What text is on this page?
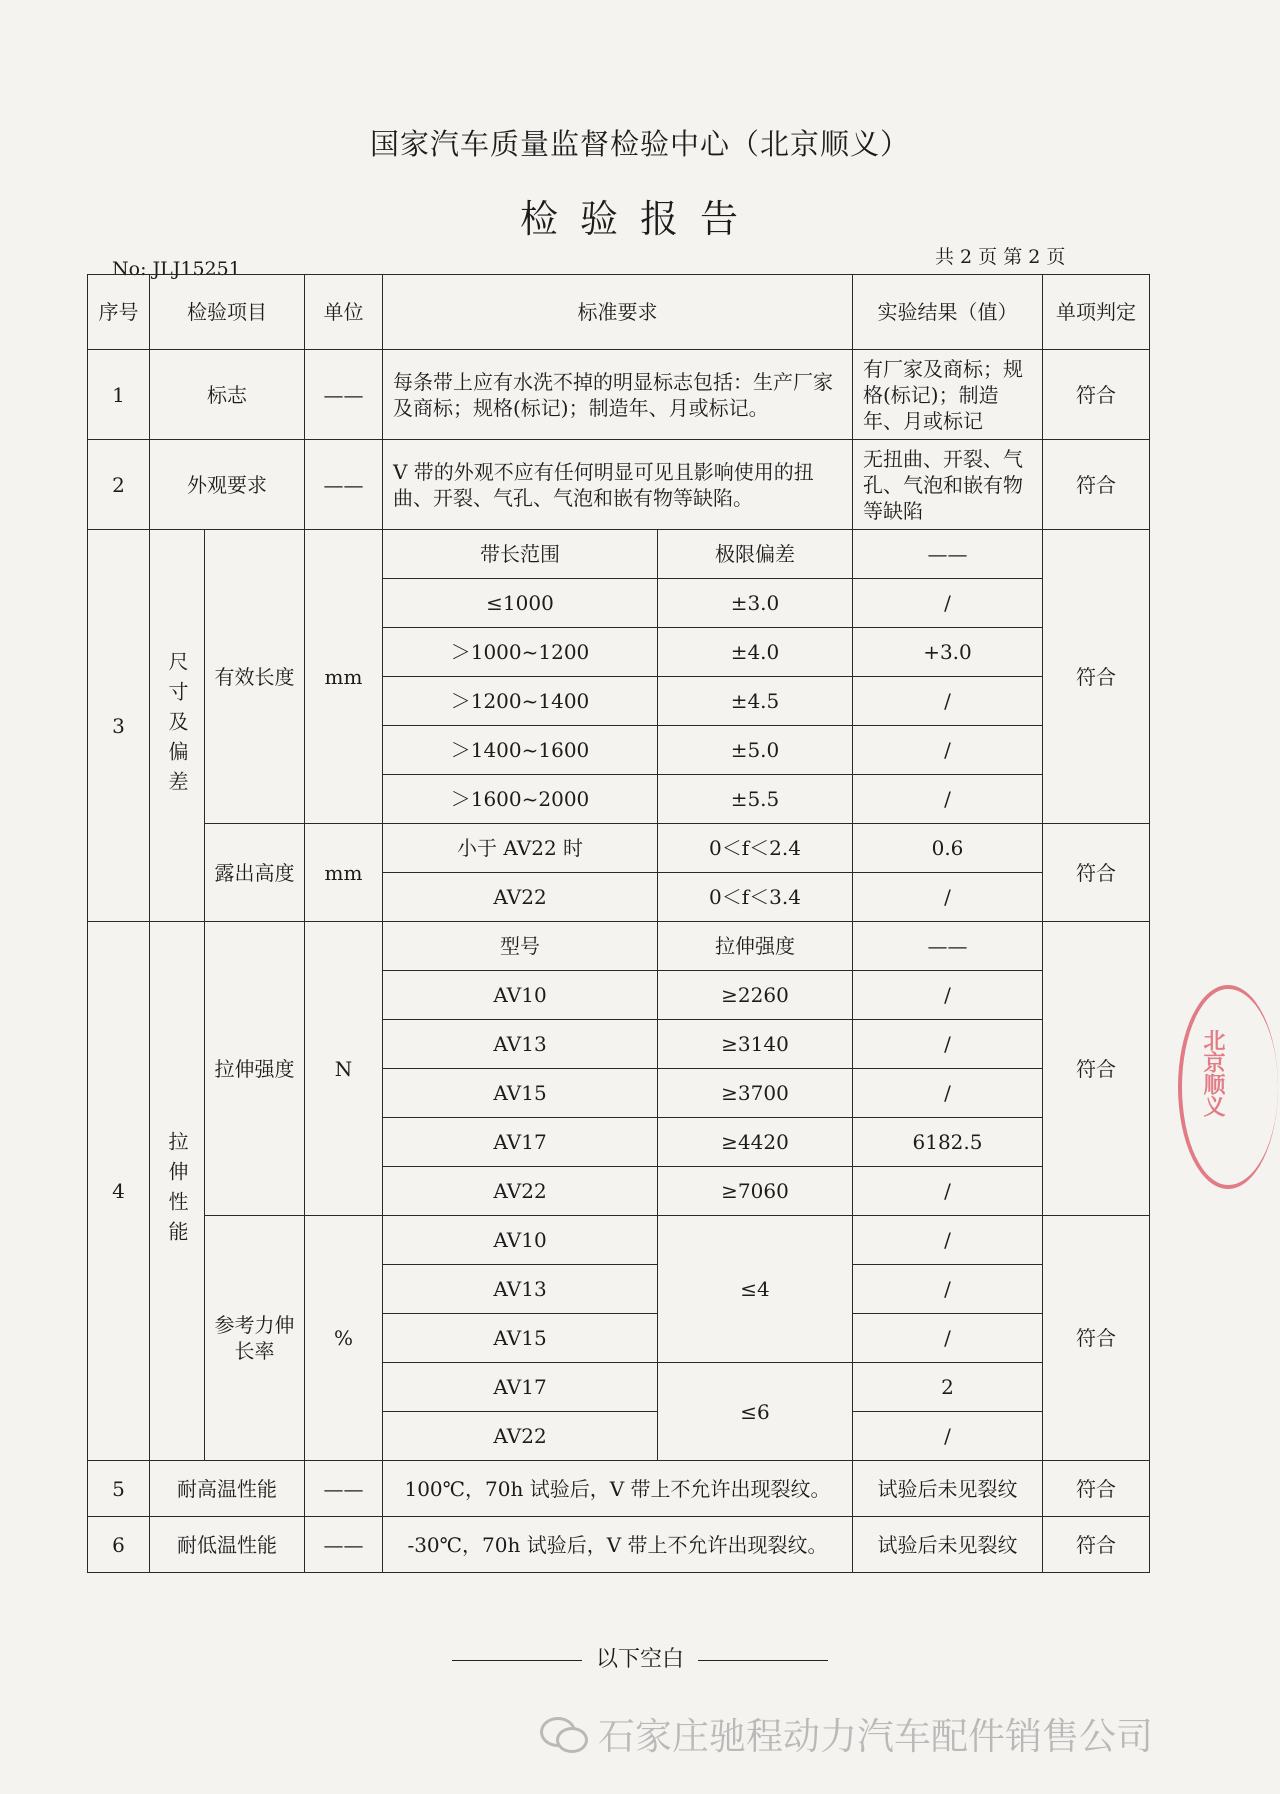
国家汽车质量监督检验中心（北京顺义）
检验报告
共 2 页 第 2 页
No: JLJ15251
序号	检验项目		单位	标准要求		实验结果（值）	单项判定
1	标志		——	每条带上应有水洗不掉的明显标志包括：生产厂家及商标；规格(标记)；制造年、月或标记。		有厂家及商标；规格(标记)；制造年、月或标记	符合
2	外观要求		——	V 带的外观不应有任何明显可见且影响使用的扭曲、开裂、气孔、气泡和嵌有物等缺陷。		无扭曲、开裂、气孔、气泡和嵌有物等缺陷	符合
3	尺寸及偏差	有效长度	mm	带长范围	极限偏差	——	符合
				≤1000	±3.0	/	
				＞1000~1200	±4.0	+3.0	
				＞1200~1400	±4.5	/	
				＞1400~1600	±5.0	/	
				＞1600~2000	±5.5	/	
		露出高度	mm	小于 AV22 时	0＜f＜2.4	0.6	符合
				AV22	0＜f＜3.4	/	
4	拉伸性能	拉伸强度	N	型号	拉伸强度	——	符合
				AV10	≥2260	/	
				AV13	≥3140	/	
				AV15	≥3700	/	
				AV17	≥4420	6182.5	
				AV22	≥7060	/	
		参考力伸长率	%	AV10	≤4	/	符合
				AV13		/	
				AV15		/	
				AV17	≤6	2	
				AV22		/	
5	耐高温性能		——	100℃，70h 试验后，V 带上不允许出现裂纹。		试验后未见裂纹	符合
6	耐低温性能		——	-30℃，70h 试验后，V 带上不允许出现裂纹。		试验后未见裂纹	符合
以下空白
北京顺义
石家庄驰程动力汽车配件销售公司
